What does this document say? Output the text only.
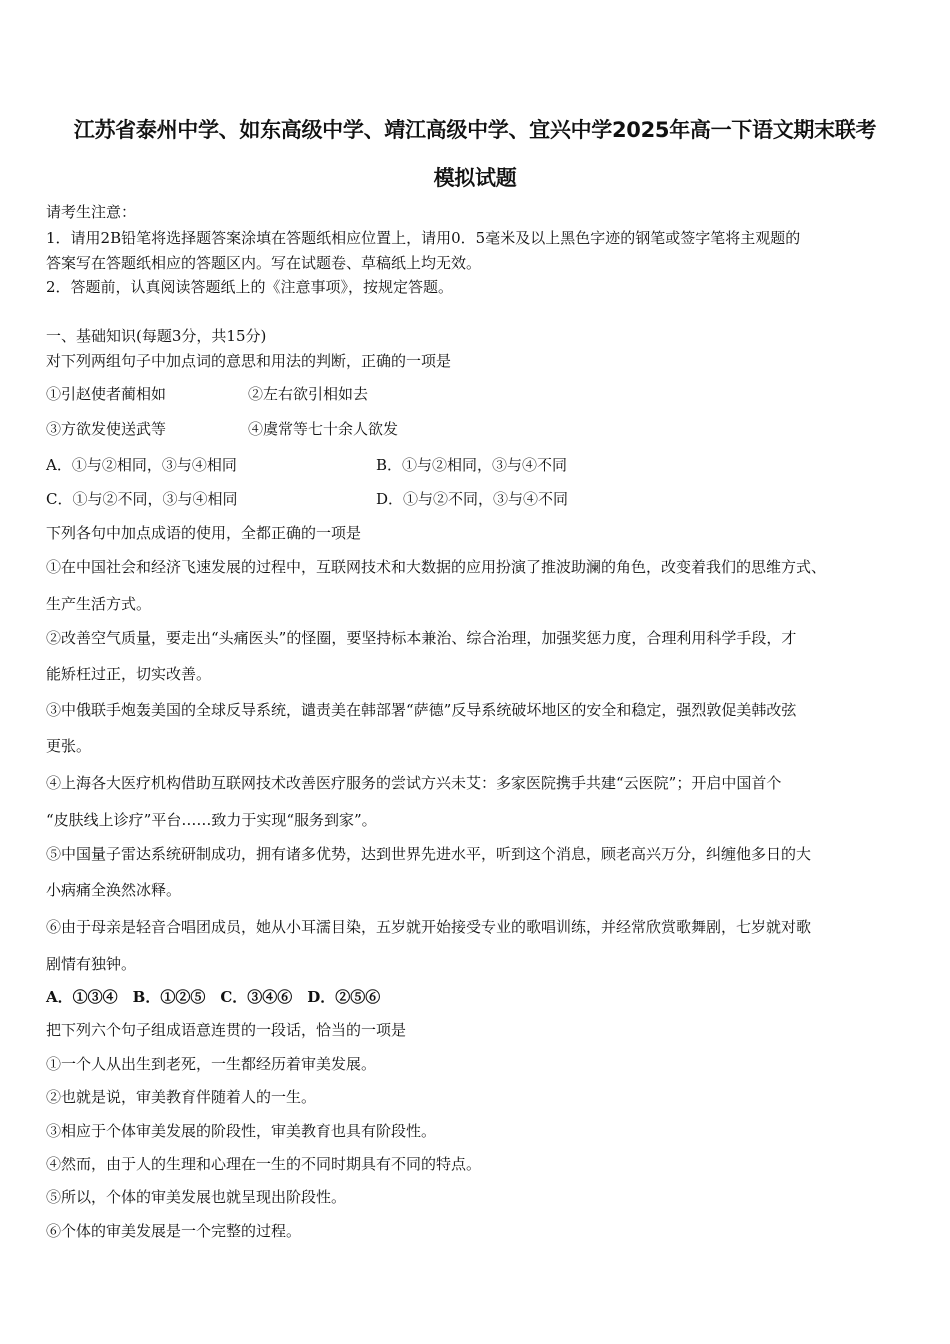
江苏省泰州中学、如东高级中学、靖江高级中学、宜兴中学2025年高一下语文期末联考
模拟试题
请考生注意：
1．请用2B铅笔将选择题答案涂填在答题纸相应位置上，请用0．5毫米及以上黑色字迹的钢笔或签字笔将主观题的
答案写在答题纸相应的答题区内。写在试题卷、草稿纸上均无效。
2．答题前，认真阅读答题纸上的《注意事项》，按规定答题。
一、基础知识(每题3分，共15分)
对下列两组句子中加点词的意思和用法的判断，正确的一项是
①引赵使者蔺相如	②左右欲引相如去
③方欲发使送武等	④虞常等七十余人欲发
A．①与②相同，③与④相同	B．①与②相同，③与④不同
C．①与②不同，③与④相同	D．①与②不同，③与④不同
下列各句中加点成语的使用，全都正确的一项是
①在中国社会和经济飞速发展的过程中，互联网技术和大数据的应用扮演了推波助澜的角色，改变着我们的思维方式、
生产生活方式。
②改善空气质量，要走出“头痛医头”的怪圈，要坚持标本兼治、综合治理，加强奖惩力度，合理利用科学手段，才
能矫枉过正，切实改善。
③中俄联手炮轰美国的全球反导系统，谴责美在韩部署“萨德”反导系统破坏地区的安全和稳定，强烈敦促美韩改弦
更张。
④上海各大医疗机构借助互联网技术改善医疗服务的尝试方兴未艾：多家医院携手共建“云医院”；开启中国首个
“皮肤线上诊疗”平台……致力于实现“服务到家”。
⑤中国量子雷达系统研制成功，拥有诸多优势，达到世界先进水平，听到这个消息，顾老高兴万分，纠缠他多日的大
小病痛全涣然冰释。
⑥由于母亲是轻音合唱团成员，她从小耳濡目染，五岁就开始接受专业的歌唱训练，并经常欣赏歌舞剧，七岁就对歌
剧情有独钟。
A．①③④　B．①②⑤　C．③④⑥　D．②⑤⑥
把下列六个句子组成语意连贯的一段话，恰当的一项是
①一个人从出生到老死，一生都经历着审美发展。
②也就是说，审美教育伴随着人的一生。
③相应于个体审美发展的阶段性，审美教育也具有阶段性。
④然而，由于人的生理和心理在一生的不同时期具有不同的特点。
⑤所以，个体的审美发展也就呈现出阶段性。
⑥个体的审美发展是一个完整的过程。
